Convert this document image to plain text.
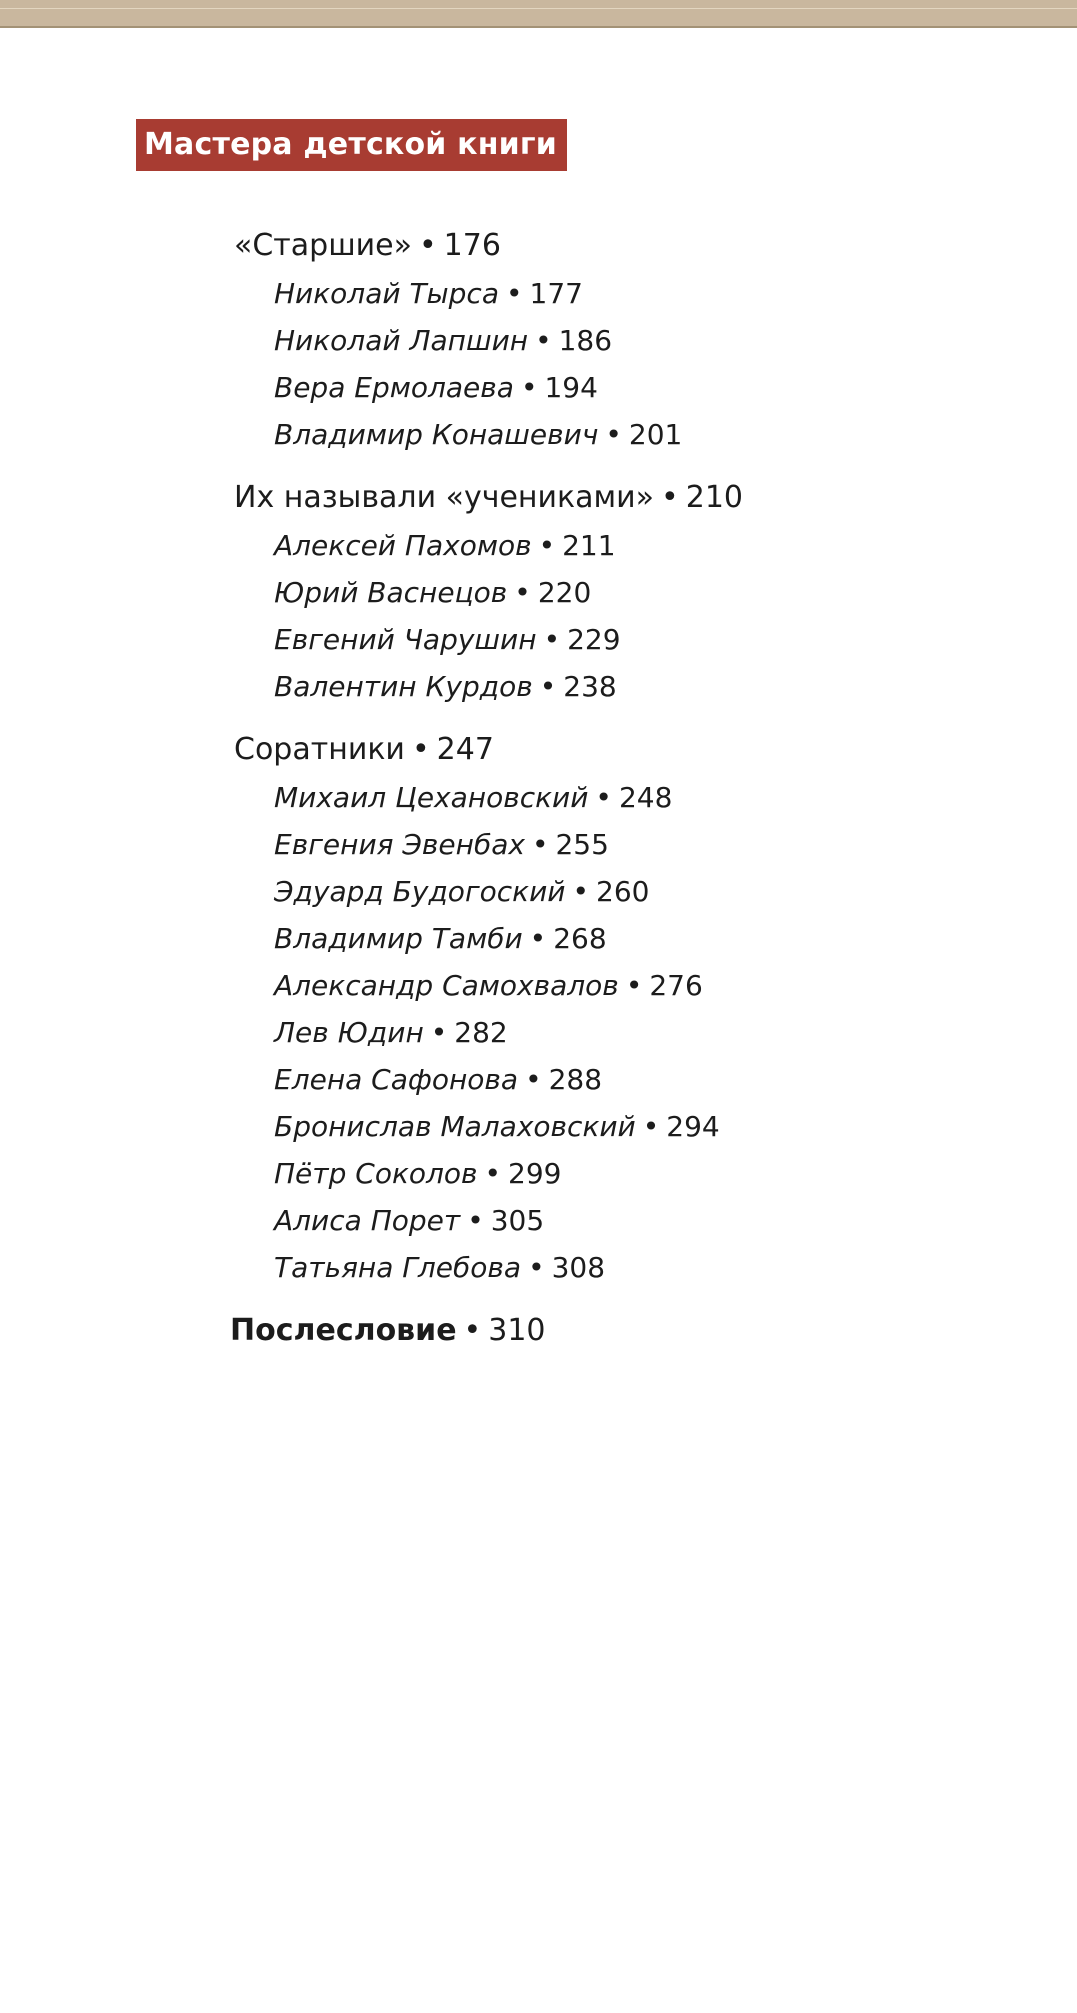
Мастера детской книги
«Старшие» • 176
Николай Тырса • 177
Николай Лапшин • 186
Вера Ермолаева • 194
Владимир Конашевич • 201
Их называли «учениками» • 210
Алексей Пахомов • 211
Юрий Васнецов • 220
Евгений Чарушин • 229
Валентин Курдов • 238
Соратники • 247
Михаил Цехановский • 248
Евгения Эвенбах • 255
Эдуард Будогоский • 260
Владимир Тамби • 268
Александр Самохвалов • 276
Лев Юдин • 282
Елена Сафонова • 288
Бронислав Малаховский • 294
Пётр Соколов • 299
Алиса Порет • 305
Татьяна Глебова • 308
Послесловие • 310
